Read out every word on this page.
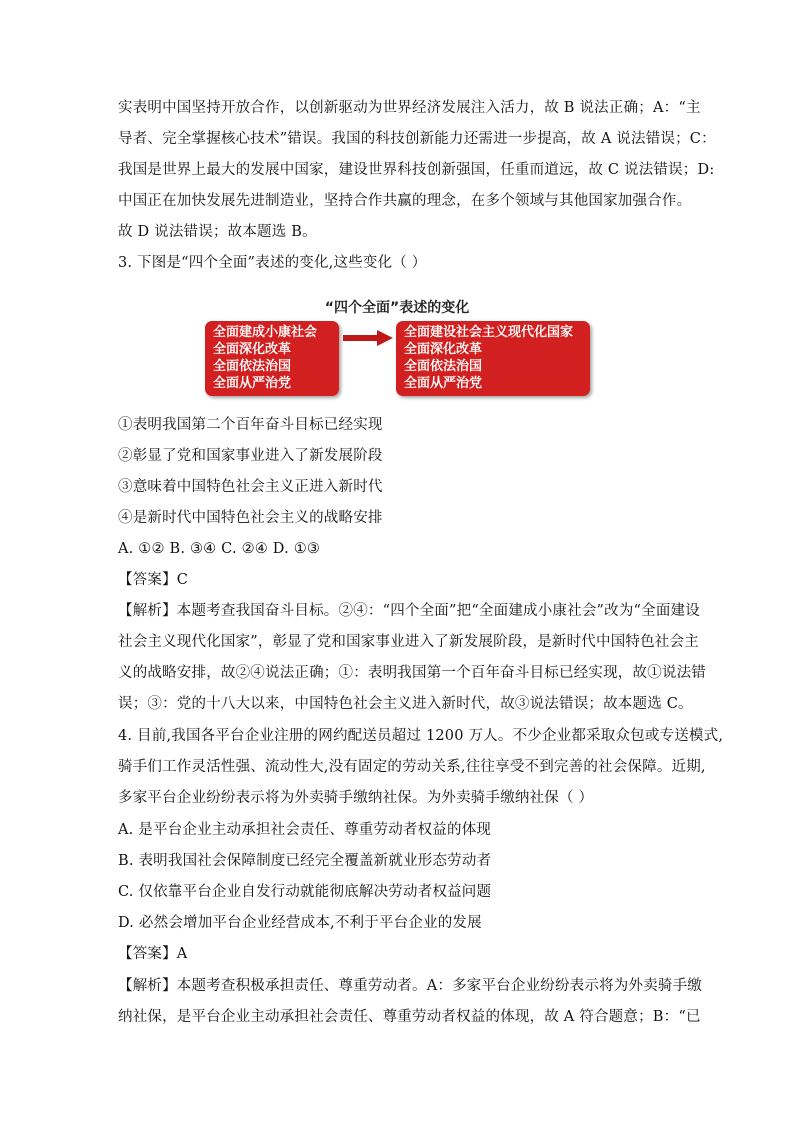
实表明中国坚持开放合作，以创新驱动为世界经济发展注入活力，故 B 说法正确；A：“主
导者、完全掌握核心技术”错误。我国的科技创新能力还需进一步提高，故 A 说法错误；C：
我国是世界上最大的发展中国家，建设世界科技创新强国，任重而道远，故 C 说法错误；D:
中国正在加快发展先进制造业，坚持合作共赢的理念，在多个领域与其他国家加强合作。
故 D 说法错误；故本题选 B。
3. 下图是“四个全面”表述的变化,这些变化（ ）
“四个全面”表述的变化
全面建成小康社会
全面深化改革
全面依法治国
全面从严治党
全面建设社会主义现代化国家
全面深化改革
全面依法治国
全面从严治党
①表明我国第二个百年奋斗目标已经实现
②彰显了党和国家事业进入了新发展阶段
③意味着中国特色社会主义正进入新时代
④是新时代中国特色社会主义的战略安排
A. ①② B. ③④ C. ②④ D. ①③
【答案】C
【解析】本题考查我国奋斗目标。②④：“四个全面”把“全面建成小康社会”改为“全面建设
社会主义现代化国家”，彰显了党和国家事业进入了新发展阶段，是新时代中国特色社会主
义的战略安排，故②④说法正确；①：表明我国第一个百年奋斗目标已经实现，故①说法错
误；③：党的十八大以来，中国特色社会主义进入新时代，故③说法错误；故本题选 C。
4. 目前,我国各平台企业注册的网约配送员超过 1200 万人。不少企业都采取众包或专送模式,
骑手们工作灵活性强、流动性大,没有固定的劳动关系,往往享受不到完善的社会保障。近期,
多家平台企业纷纷表示将为外卖骑手缴纳社保。为外卖骑手缴纳社保（ ）
A. 是平台企业主动承担社会责任、尊重劳动者权益的体现
B. 表明我国社会保障制度已经完全覆盖新就业形态劳动者
C. 仅依靠平台企业自发行动就能彻底解决劳动者权益问题
D. 必然会增加平台企业经营成本,不利于平台企业的发展
【答案】A
【解析】本题考查积极承担责任、尊重劳动者。A：多家平台企业纷纷表示将为外卖骑手缴
纳社保，是平台企业主动承担社会责任、尊重劳动者权益的体现，故 A 符合题意；B：“已
